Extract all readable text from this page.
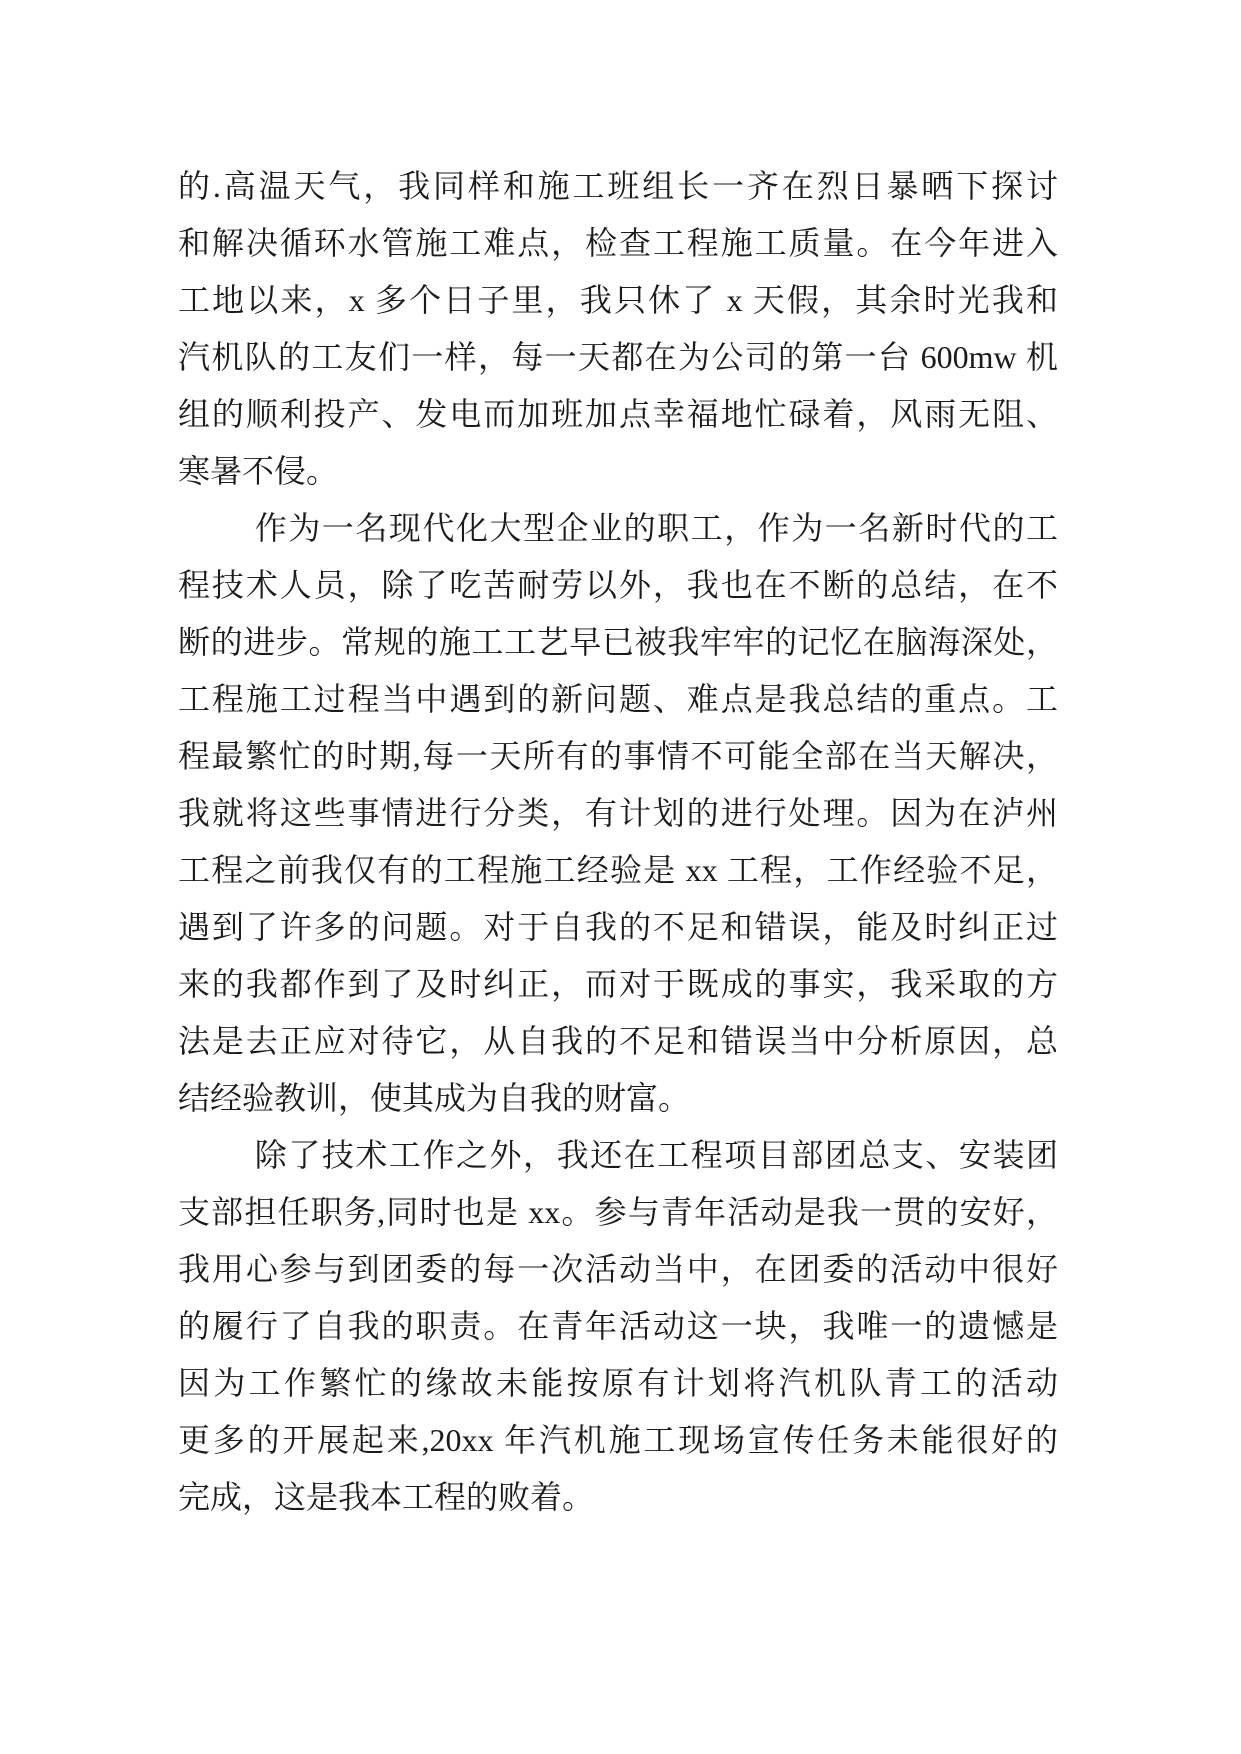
的.高温天气，我同样和施工班组长一齐在烈日暴晒下探讨
和解决循环水管施工难点，检查工程施工质量。在今年进入
工地以来，x 多个日子里，我只休了 x 天假，其余时光我和
汽机队的工友们一样，每一天都在为公司的第一台 600mw 机
组的顺利投产、发电而加班加点幸福地忙碌着，风雨无阻、
寒暑不侵。
作为一名现代化大型企业的职工，作为一名新时代的工
程技术人员，除了吃苦耐劳以外，我也在不断的总结，在不
断的进步。常规的施工工艺早已被我牢牢的记忆在脑海深处，
工程施工过程当中遇到的新问题、难点是我总结的重点。工
程最繁忙的时期,每一天所有的事情不可能全部在当天解决，
我就将这些事情进行分类，有计划的进行处理。因为在泸州
工程之前我仅有的工程施工经验是 xx 工程，工作经验不足，
遇到了许多的问题。对于自我的不足和错误，能及时纠正过
来的我都作到了及时纠正，而对于既成的事实，我采取的方
法是去正应对待它，从自我的不足和错误当中分析原因，总
结经验教训，使其成为自我的财富。
除了技术工作之外，我还在工程项目部团总支、安装团
支部担任职务,同时也是 xx。参与青年活动是我一贯的安好，
我用心参与到团委的每一次活动当中，在团委的活动中很好
的履行了自我的职责。在青年活动这一块，我唯一的遗憾是
因为工作繁忙的缘故未能按原有计划将汽机队青工的活动
更多的开展起来,20xx 年汽机施工现场宣传任务未能很好的
完成，这是我本工程的败着。
